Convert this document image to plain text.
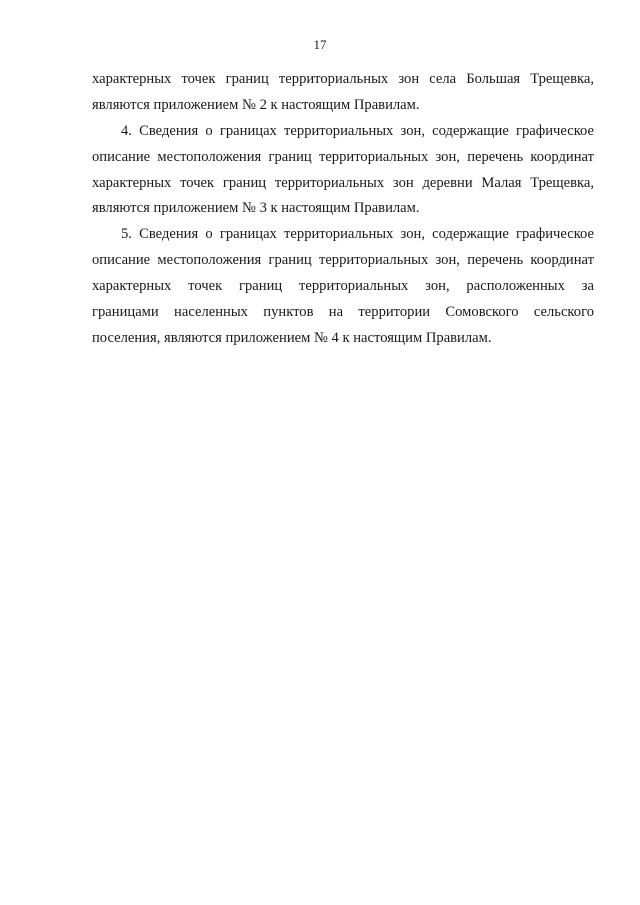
17
характерных точек границ территориальных зон села Большая Трещевка,
являются приложением № 2 к настоящим Правилам.
4. Сведения о границах территориальных зон, содержащие графическое
описание местоположения границ территориальных зон, перечень координат
характерных точек границ территориальных зон деревни Малая Трещевка,
являются приложением № 3 к настоящим Правилам.
5. Сведения о границах территориальных зон, содержащие графическое
описание местоположения границ территориальных зон, перечень координат
характерных точек границ территориальных зон, расположенных за
границами населенных пунктов на территории Сомовского сельского
поселения, являются приложением № 4 к настоящим Правилам.
